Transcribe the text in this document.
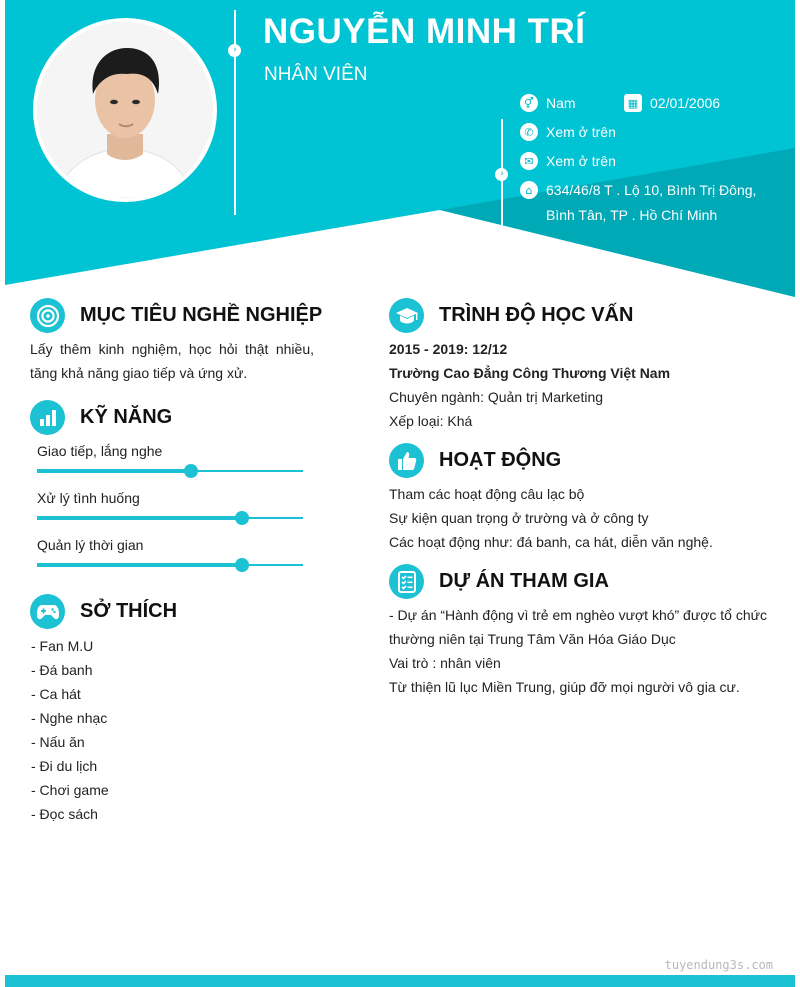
› NGUYỄN MINH TRÍ
NHÂN VIÊN
›
⚥ Nam	▦ 02/01/2006
✆ Xem ở trên
✉ Xem ở trên
⌂ 634/46/8 T . Lộ 10, Bình Trị Đông,
Bình Tân, TP . Hồ Chí Minh
MỤC TIÊU NGHỀ NGHIỆP
Lấy thêm kinh nghiệm, học hỏi thật nhiều,
tăng khả năng giao tiếp và ứng xử.
KỸ NĂNG
Giao tiếp, lắng nghe
Xử lý tình huống
Quản lý thời gian
SỞ THÍCH
- Fan M.U
- Đá banh
- Ca hát
- Nghe nhạc
- Nấu ăn
- Đi du lịch
- Chơi game
- Đọc sách
TRÌNH ĐỘ HỌC VẤN
2015 - 2019: 12/12
Trường Cao Đẳng Công Thương Việt Nam
Chuyên ngành: Quản trị Marketing
Xếp loại: Khá
HOẠT ĐỘNG
Tham các hoạt động câu lạc bộ
Sự kiện quan trọng ở trường và ở công ty
Các hoạt động như: đá banh, ca hát, diễn văn nghệ.
DỰ ÁN THAM GIA
- Dự án “Hành động vì trẻ em nghèo vượt khó” được tổ chức
thường niên tại Trung Tâm Văn Hóa Giáo Dục
Vai trò : nhân viên
Từ thiện lũ lục Miền Trung, giúp đỡ mọi người vô gia cư.
tuyendung3s.com
